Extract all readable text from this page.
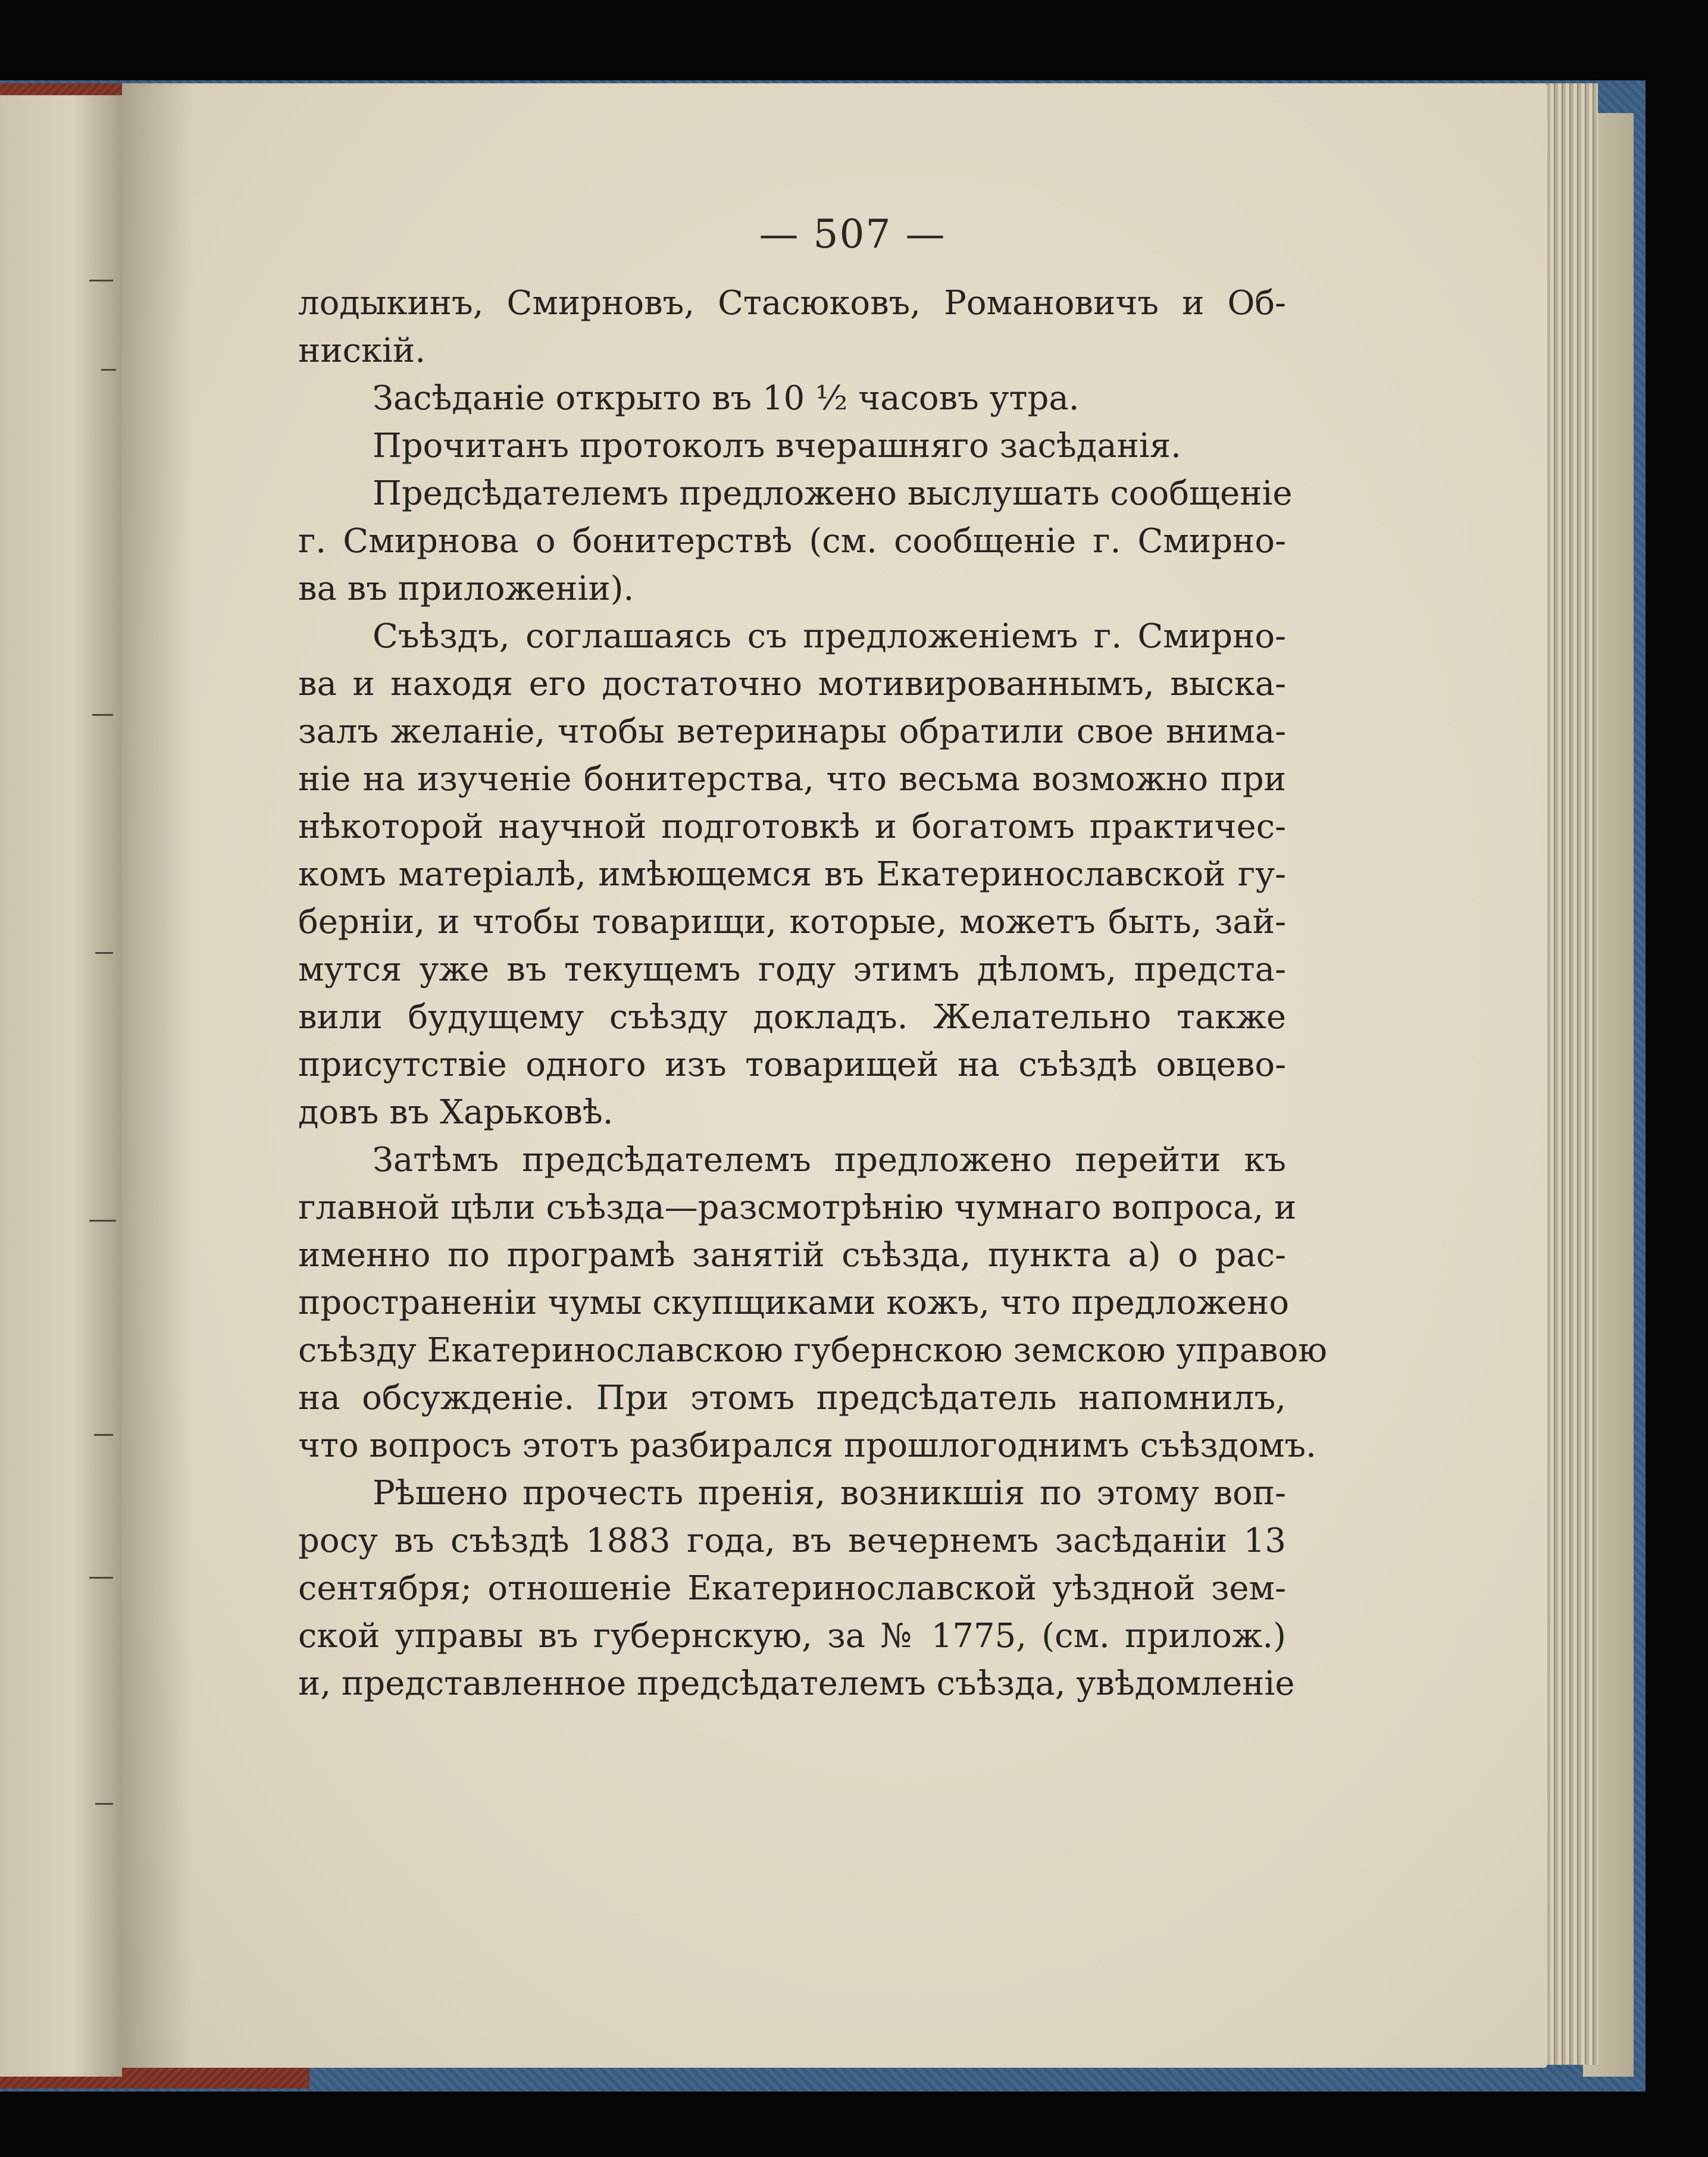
— 507 —
лодыкинъ, Смирновъ, Стасюковъ, Романовичъ и Об-
нискій.
Засѣданіе открыто въ 10 ½ часовъ утра.
Прочитанъ протоколъ вчерашняго засѣданія.
Предсѣдателемъ предложено выслушать сообщеніе
г. Смирнова о бонитерствѣ (см. сообщеніе г. Смирно-
ва въ приложеніи).
Съѣздъ, соглашаясь съ предложеніемъ г. Смирно-
ва и находя его достаточно мотивированнымъ, выска-
залъ желаніе, чтобы ветеринары обратили свое внима-
ніе на изученіе бонитерства, что весьма возможно при
нѣкоторой научной подготовкѣ и богатомъ практичес-
комъ матеріалѣ, имѣющемся въ Екатеринославской гу-
берніи, и чтобы товарищи, которые, можетъ быть, зай-
мутся уже въ текущемъ году этимъ дѣломъ, предста-
вили будущему съѣзду докладъ. Желательно также
присутствіе одного изъ товарищей на съѣздѣ овцево-
довъ въ Харьковѣ.
Затѣмъ предсѣдателемъ предложено перейти къ
главной цѣли съѣзда—разсмотрѣнію чумнаго вопроса, и
именно по програмѣ занятій съѣзда, пункта а) о рас-
пространеніи чумы скупщиками кожъ, что предложено
съѣзду Екатеринославскою губернскою земскою управою
на обсужденіе. При этомъ предсѣдатель напомнилъ,
что вопросъ этотъ разбирался прошлогоднимъ съѣздомъ.
Рѣшено прочесть пренія, возникшія по этому воп-
росу въ съѣздѣ 1883 года, въ вечернемъ засѣданіи 13
сентября; отношеніе Екатеринославской уѣздной зем-
ской управы въ губернскую, за № 1775, (см. прилож.)
и, представленное предсѣдателемъ съѣзда, увѣдомленіе
